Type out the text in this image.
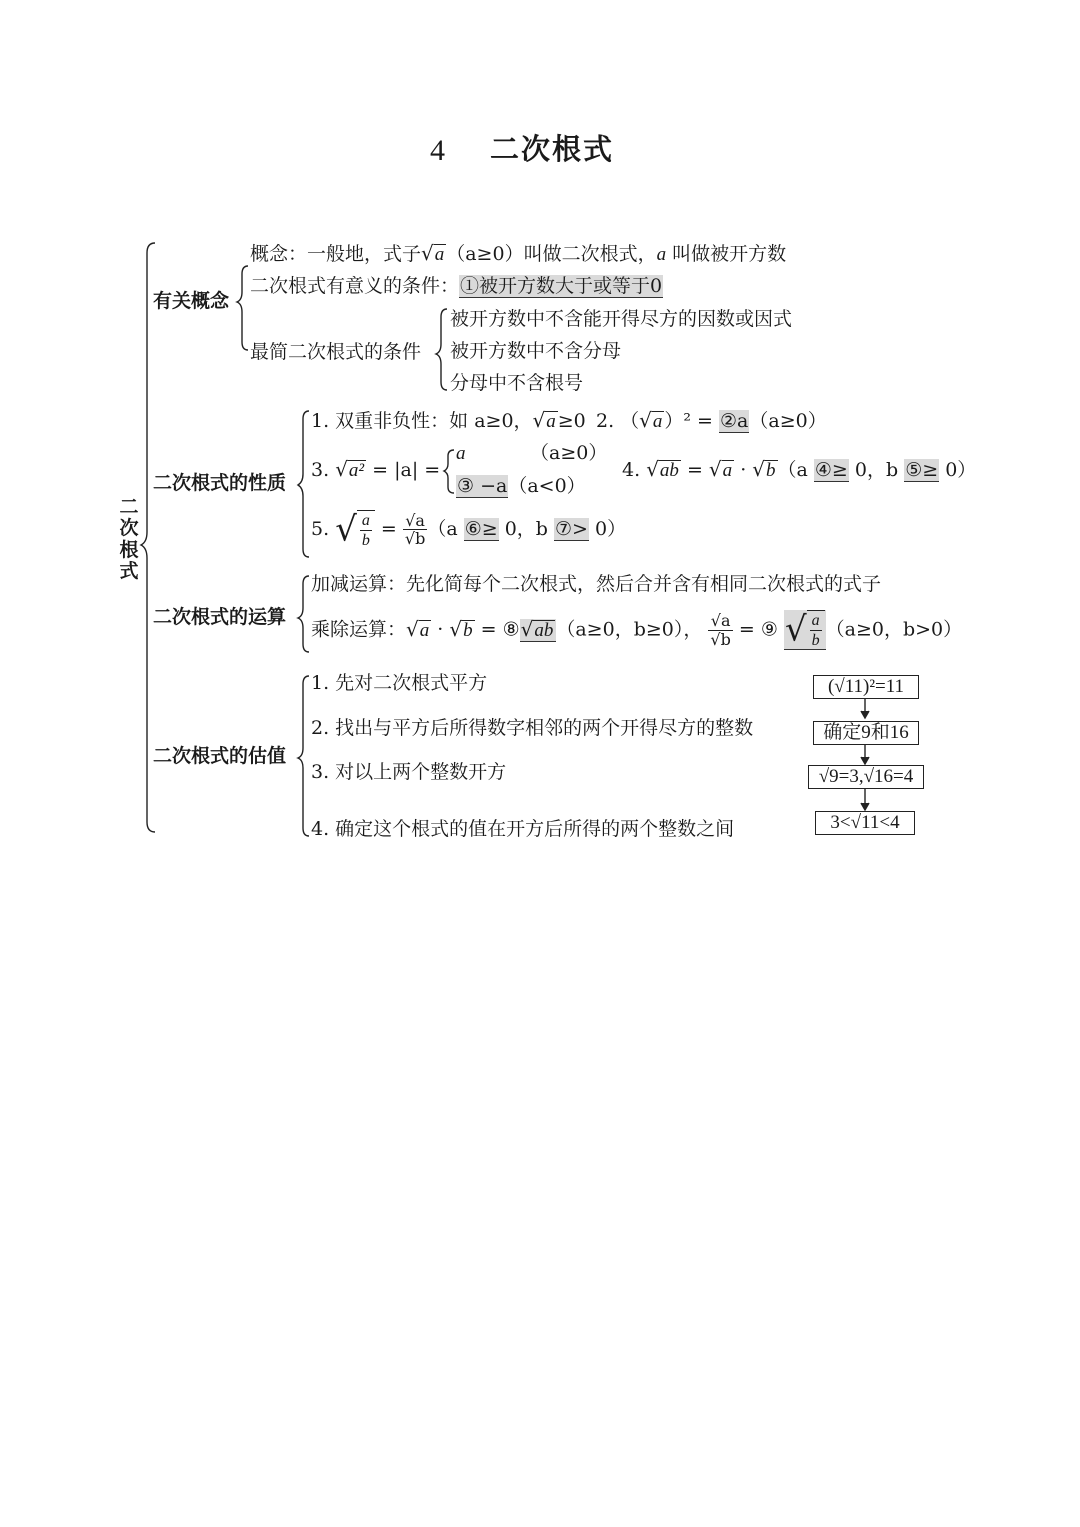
4 二次根式
二次根式
有关概念
二次根式的性质
二次根式的运算
二次根式的估值
概念：一般地，式子√a （a≥0）叫做二次根式，a 叫做被开方数
二次根式有意义的条件：①被开方数大于或等于0
最简二次根式的条件
被开方数中不含能开得尽方的因数或因式
被开方数中不含分母
分母中不含根号
1. 双重非负性：如 a≥0，√a ≥0 2. （√a ）² = ②a（a≥0）
3. √a² = |a| =
a	（a≥0）
③ −a（a<0）
4. √ab = √a · √b （a ④≥ 0，b ⑤≥ 0）
5. √ $\frac{a}{b} = \frac{√a}{√b} (a$ ⑥≥ 0，b ⑦> 0）
加减运算：先化简每个二次根式，然后合并含有相同二次根式的式子
乘除运算：√a · √b = ⑧√ab （a≥0，b≥0）， $\frac{√a}{√b}$ = ⑨ √ $\frac{a}{b} (a\ge 0$，b>0）
1. 先对二次根式平方
2. 找出与平方后所得数字相邻的两个开得尽方的整数
3. 对以上两个整数开方
4. 确定这个根式的值在开方后所得的两个整数之间
(√11)²=11
确定9和16
√9=3,√16=4
3<√11<4
